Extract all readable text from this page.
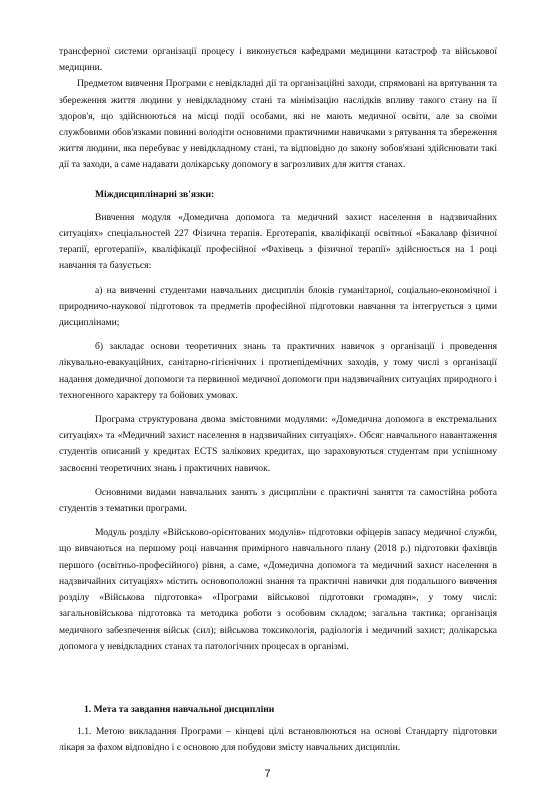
трансферної системи організації процесу і виконується кафедрами медицини катастроф та військової медицини.

Предметом вивчення Програми є невідкладні дії та організаційні заходи, спрямовані на врятування та збереження життя людини у невідкладному стані та мінімізацію наслідків впливу такого стану на її здоров'я, що здійснюються на місці події особами, які не мають медичної освіти, але за своїми службовими обов'язками повинні володіти основними практичними навичками з рятування та збереження життя людини, яка перебуває у невідкладному стані, та відповідно до закону зобов'язані здійснювати такі дії та заходи, а саме надавати долікарську допомогу в загрозливих для життя станах.

Міждисциплінарні зв'язки:

Вивчення модуля «Домедична допомога та медичний захист населення в надзвичайних ситуаціях» спеціальностей 227 Фізична терапія. Ерготерапія, кваліфікації освітньої «Бакалавр фізичної терапії, ерготерапії», кваліфікації професійної «Фахівець з фізичної терапії» здійснюється на 1 році навчання та базується:

а) на вивченні студентами навчальних дисциплін блоків гуманітарної, соціально-економічної і природничо-наукової підготовок та предметів професійної підготовки навчання та інтегрується з цими дисциплінами;

б) закладає основи теоретичних знань та практичних навичок з організації і проведення лікувально-евакуаційних, санітарно-гігієнічних і протиепідемічних заходів, у тому числі з організації надання домедичної допомоги та первинної медичної допомоги при надзвичайних ситуаціях природного і техногенного характеру та бойових умовах.

Програма структурована двома змістовними модулями: «Домедична допомога в екстремальних ситуаціях» та «Медичний захист населення в надзвичайних ситуаціях». Обсяг навчального навантаження студентів описаний у кредитах ECTS залікових кредитах, що зараховуються студентам при успішному засвоєнні теоретичних знань і практичних навичок.

Основними видами навчальних занять з дисципліни є практичні заняття та самостійна робота студентів з тематики програми.

Модуль розділу «Військово-орієнтованих модулів» підготовки офіцерів запасу медичної служби, що вивчаються на першому році навчання примірного навчального плану (2018 р.) підготовки фахівців першого (освітньо-професійного) рівня, а саме, «Домедична допомога та медичний захист населення в надзвичайних ситуаціях» містить основоположні знання та практичні навички для подальшого вивчення розділу «Військова підготовка» «Програми військової підготовки громадян», у тому числі: загальновійськова підготовка та методика роботи з особовим складом; загальна тактика; організація медичного забезпечення військ (сил); військова токсикологія, радіологія і медичний захист; долікарська допомога у невідкладних станах та патологічних процесах в організмі.

1. Мета та завдання навчальної дисципліни

1.1. Метою викладання Програми – кінцеві цілі встановлюються на основі Стандарту підготовки лікаря за фахом відповідно і є основою для побудови змісту навчальних дисциплін.

7
